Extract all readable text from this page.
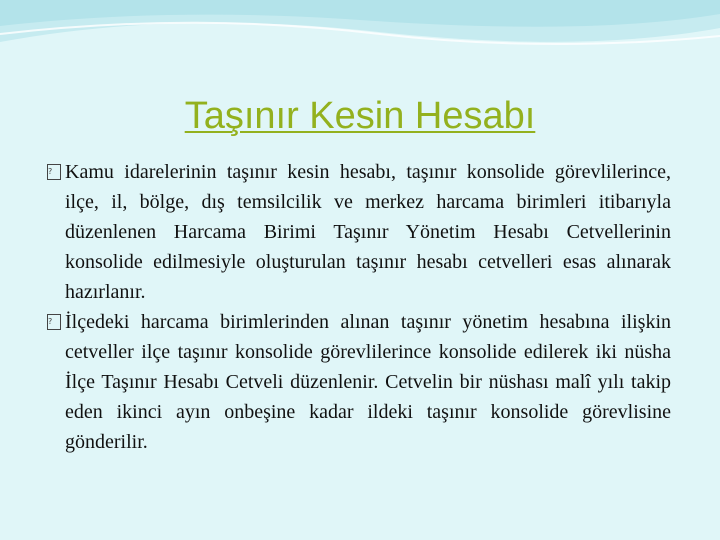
Taşınır Kesin Hesabı
? Kamu idarelerinin taşınır kesin hesabı, taşınır konsolide görevlilerince, ilçe, il, bölge, dış temsilcilik ve merkez harcama birimleri itibarıyla düzenlenen Harcama Birimi Taşınır Yönetim Hesabı Cetvellerinin konsolide edilmesiyle oluşturulan taşınır hesabı cetvelleri esas alınarak hazırlanır.
? İlçedeki harcama birimlerinden alınan taşınır yönetim hesabına ilişkin cetveller ilçe taşınır konsolide görevlilerince konsolide edilerek iki nüsha İlçe Taşınır Hesabı Cetveli düzenlenir. Cetvelin bir nüshası malî yılı takip eden ikinci ayın onbeşine kadar ildeki taşınır konsolide görevlisine gönderilir.
